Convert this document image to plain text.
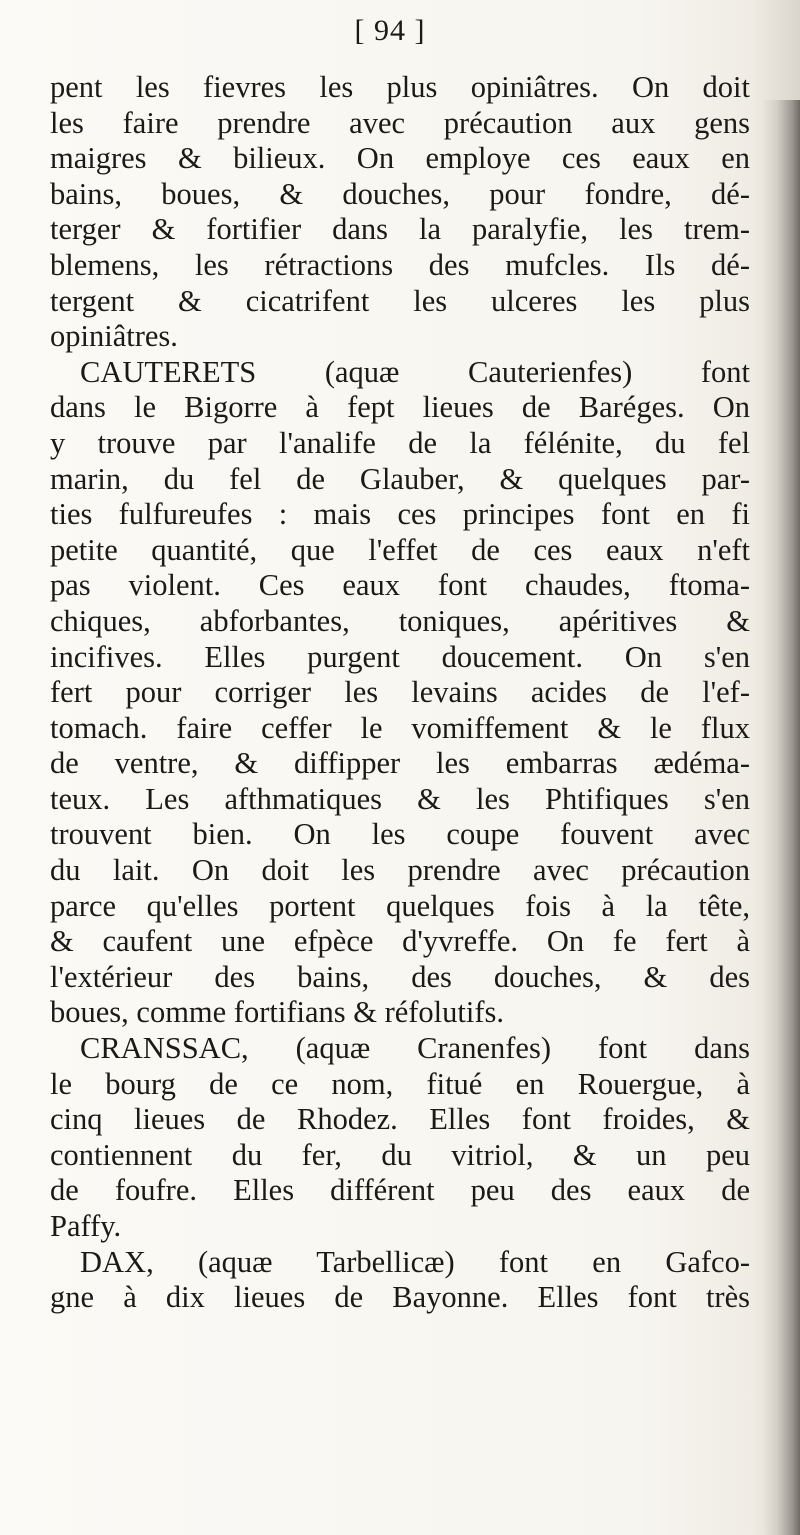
[ 94 ]
pent les fievres les plus opiniâtres. On doit
les faire prendre avec précaution aux gens
maigres & bilieux. On employe ces eaux en
bains, boues, & douches, pour fondre, dé-
terger & fortifier dans la paralyfie, les trem-
blemens, les rétractions des mufcles. Ils dé-
tergent & cicatrifent les ulceres les plus
opiniâtres.
CAUTERETS (aquæ Cauterienfes) font
dans le Bigorre à fept lieues de Baréges. On
y trouve par l'analife de la félénite, du fel
marin, du fel de Glauber, & quelques par-
ties fulfureufes : mais ces principes font en fi
petite quantité, que l'effet de ces eaux n'eft
pas violent. Ces eaux font chaudes, ftoma-
chiques, abforbantes, toniques, apéritives &
incifives. Elles purgent doucement. On s'en
fert pour corriger les levains acides de l'ef-
tomach. faire ceffer le vomiffement & le flux
de ventre, & diffipper les embarras ædéma-
teux. Les afthmatiques & les Phtifiques s'en
trouvent bien. On les coupe fouvent avec
du lait. On doit les prendre avec précaution
parce qu'elles portent quelques fois à la tête,
& caufent une efpèce d'yvreffe. On fe fert à
l'extérieur des bains, des douches, & des
boues, comme fortifians & réfolutifs.
CRANSSAC, (aquæ Cranenfes) font dans
le bourg de ce nom, fitué en Rouergue, à
cinq lieues de Rhodez. Elles font froides, &
contiennent du fer, du vitriol, & un peu
de foufre. Elles différent peu des eaux de
Paffy.
DAX, (aquæ Tarbellicæ) font en Gafco-
gne à dix lieues de Bayonne. Elles font très
